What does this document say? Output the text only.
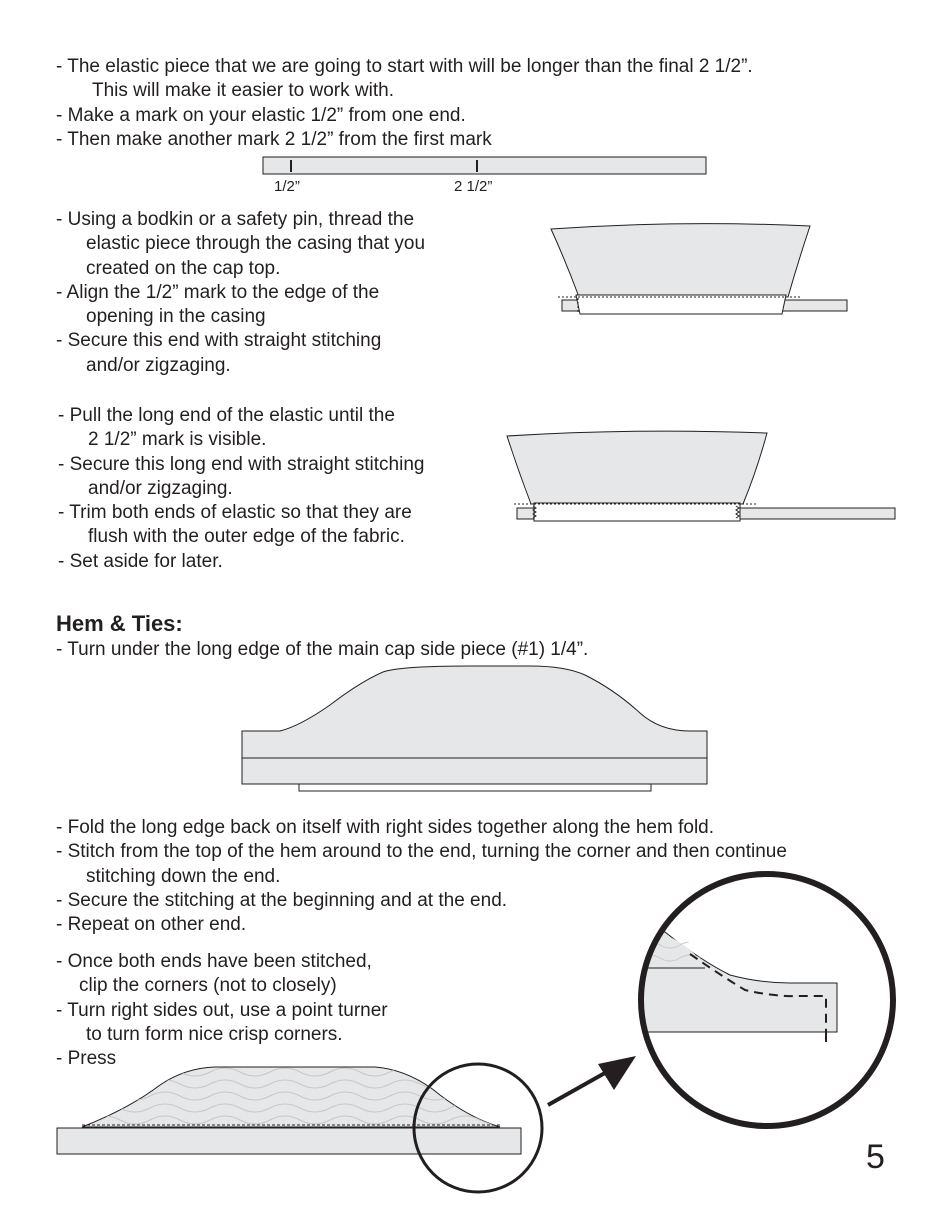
- The elastic piece that we are going to start with will be longer than the final 2 1/2”.
This will make it easier to work with.
- Make a mark on your elastic 1/2” from one end.
- Then make another mark 2 1/2” from the first mark
1/2”	2 1/2”
- Using a bodkin or a safety pin, thread the
elastic piece through the casing that you
created on the cap top.
- Align the 1/2” mark to the edge of the
opening in the casing
- Secure this end with straight stitching
and/or zigzaging.
- Pull the long end of the elastic until the
2 1/2” mark is visible.
- Secure this long end with straight stitching
and/or zigzaging.
- Trim both ends of elastic so that they are
flush with the outer edge of the fabric.
- Set aside for later.
Hem & Ties:
- Turn under the long edge of the main cap side piece (#1) 1/4”.
- Fold the long edge back on itself with right sides together along the hem fold.
- Stitch from the top of the hem around to the end, turning the corner and then continue
stitching down the end.
- Secure the stitching at the beginning and at the end.
- Repeat on other end.
- Once both ends have been stitched,
clip the corners (not to closely)
- Turn right sides out, use a point turner
to turn form nice crisp corners.
- Press
5
